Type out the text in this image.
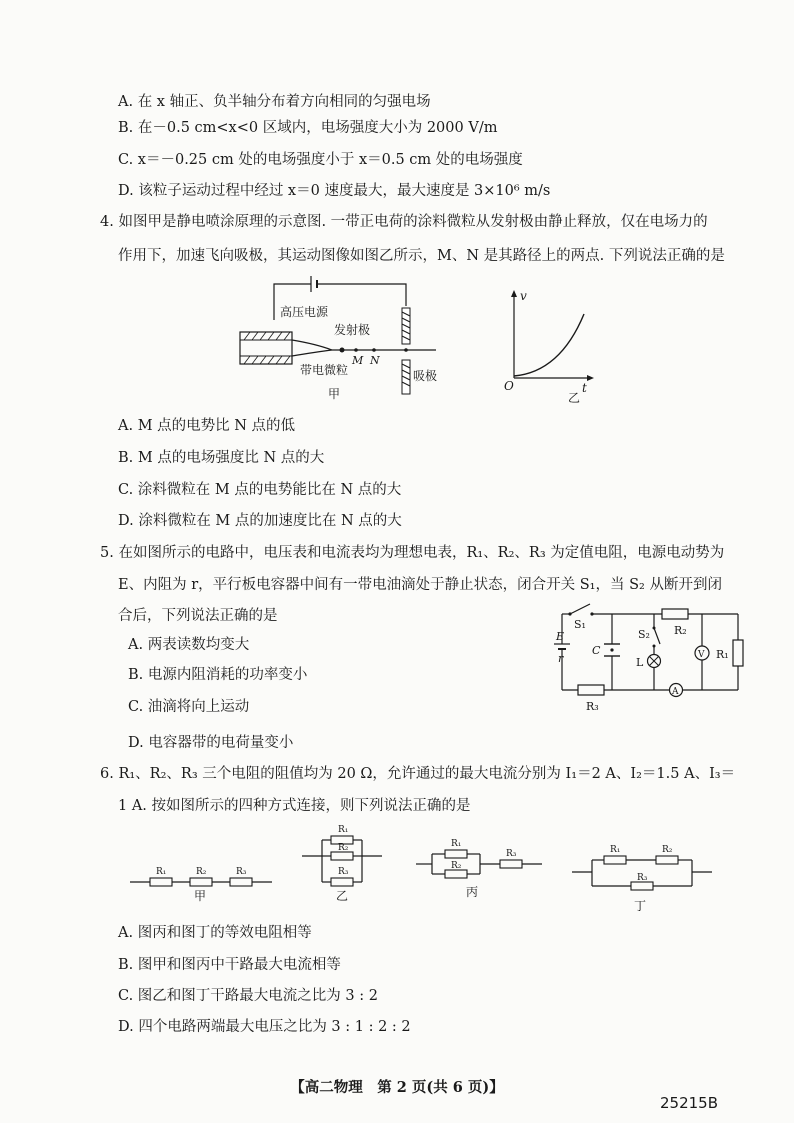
A. 在 x 轴正、负半轴分布着方向相同的匀强电场
B. 在－0.5 cm<x<0 区域内，电场强度大小为 2000 V/m
C. x＝－0.25 cm 处的电场强度小于 x＝0.5 cm 处的电场强度
D. 该粒子运动过程中经过 x＝0 速度最大，最大速度是 3×10⁶ m/s
4. 如图甲是静电喷涂原理的示意图. 一带正电荷的涂料微粒从发射极由静止释放，仅在电场力的
作用下，加速飞向吸极，其运动图像如图乙所示，M、N 是其路径上的两点. 下列说法正确的是
高压电源
吸极
发射极
M N
带电微粒
甲
v
t
O
乙
A. M 点的电势比 N 点的低
B. M 点的电场强度比 N 点的大
C. 涂料微粒在 M 点的电势能比在 N 点的大
D. 涂料微粒在 M 点的加速度比在 N 点的大
5. 在如图所示的电路中，电压表和电流表均为理想电表，R₁、R₂、R₃ 为定值电阻，电源电动势为
E、内阻为 r，平行板电容器中间有一带电油滴处于静止状态，闭合开关 S₁，当 S₂ 从断开到闭
合后，下列说法正确的是
A. 两表读数均变大
B. 电源内阻消耗的功率变小
C. 油滴将向上运动
D. 电容器带的电荷量变小
S₁	R₂
E
r
R₃
C
S₂
L
A
V R₁
6. R₁、R₂、R₃ 三个电阻的阻值均为 20 Ω，允许通过的最大电流分别为 I₁＝2 A、I₂＝1.5 A、I₃＝
1 A. 按如图所示的四种方式连接，则下列说法正确的是
R₁	R₂	R₃
甲
R₁
R₂
R₃
乙
R₁
R₂
R₃
丙
R₁	R₂
R₃
丁
A. 图丙和图丁的等效电阻相等
B. 图甲和图丙中干路最大电流相等
C. 图乙和图丁干路最大电流之比为 3 : 2
D. 四个电路两端最大电压之比为 3 : 1 : 2 : 2
【高二物理　第 2 页(共 6 页)】
25215B
